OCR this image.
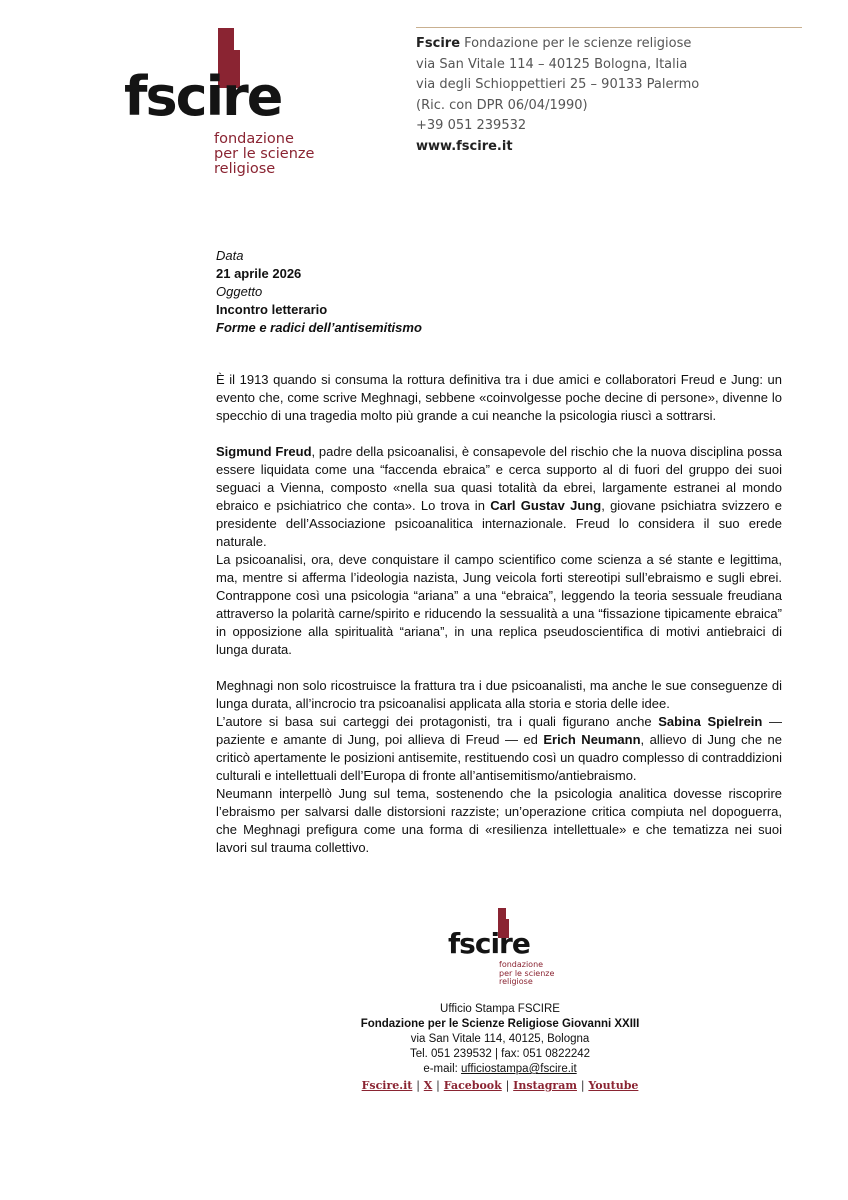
fscire
fondazione
per le scienze
religiose
Fscire Fondazione per le scienze religiose
via San Vitale 114 – 40125 Bologna, Italia
via degli Schioppettieri 25 – 90133 Palermo
(Ric. con DPR 06/04/1990)
+39 051 239532
www.fscire.it
Data
21 aprile 2026
Oggetto
Incontro letterario
Forme e radici dell’antisemitismo

È il 1913 quando si consuma la rottura definitiva tra i due amici e collaboratori Freud e Jung: un evento che, come scrive Meghnagi, sebbene «coinvolgesse poche decine di persone», divenne lo specchio di una tragedia molto più grande a cui neanche la psicologia riuscì a sottrarsi.

Sigmund Freud, padre della psicoanalisi, è consapevole del rischio che la nuova disciplina possa essere liquidata come una “faccenda ebraica” e cerca supporto al di fuori del gruppo dei suoi seguaci a Vienna, composto «nella sua quasi totalità da ebrei, largamente estranei al mondo ebraico e psichiatrico che conta». Lo trova in Carl Gustav Jung, giovane psichiatra svizzero e presidente dell’Associazione psicoanalitica internazionale. Freud lo considera il suo erede naturale.

La psicoanalisi, ora, deve conquistare il campo scientifico come scienza a sé stante e legittima, ma, mentre si afferma l’ideologia nazista, Jung veicola forti stereotipi sull’ebraismo e sugli ebrei. Contrappone così una psicologia “ariana” a una “ebraica”, leggendo la teoria sessuale freudiana attraverso la polarità carne/spirito e riducendo la sessualità a una “fissazione tipicamente ebraica” in opposizione alla spiritualità “ariana”, in una replica pseudoscientifica di motivi antiebraici di lunga durata.

Meghnagi non solo ricostruisce la frattura tra i due psicoanalisti, ma anche le sue conseguenze di lunga durata, all’incrocio tra psicoanalisi applicata alla storia e storia delle idee.

L’autore si basa sui carteggi dei protagonisti, tra i quali figurano anche Sabina Spielrein — paziente e amante di Jung, poi allieva di Freud — ed Erich Neumann, allievo di Jung che ne criticò apertamente le posizioni antisemite, restituendo così un quadro complesso di contraddizioni culturali e intellettuali dell’Europa di fronte all’antisemitismo/antiebraismo.

Neumann interpellò Jung sul tema, sostenendo che la psicologia analitica dovesse riscoprire l’ebraismo per salvarsi dalle distorsioni razziste; un’operazione critica compiuta nel dopoguerra, che Meghnagi prefigura come una forma di «resilienza intellettuale» e che tematizza nei suoi lavori sul trauma collettivo.

fscire
fondazione
per le scienze
religiose
Ufficio Stampa FSCIRE
Fondazione per le Scienze Religiose Giovanni XXIII
via San Vitale 114, 40125, Bologna
Tel. 051 239532 | fax: 051 0822242
e-mail: ufficiostampa@fscire.it
Fscire.it | X | Facebook | Instagram | Youtube
